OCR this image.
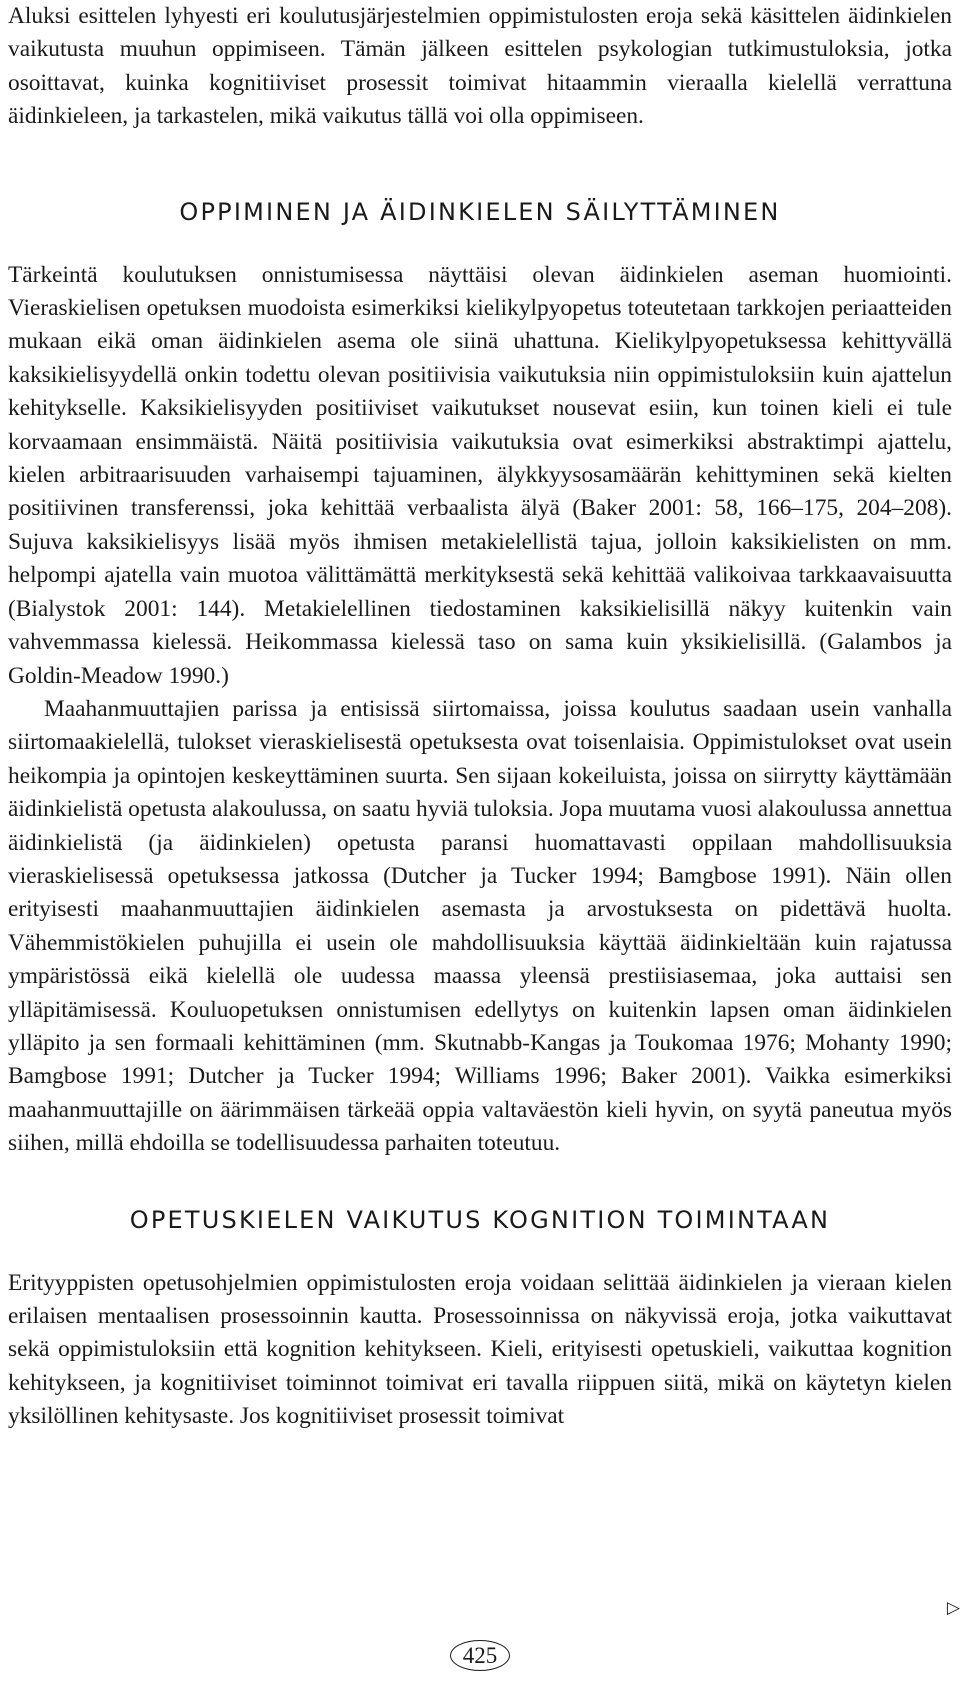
Aluksi esittelen lyhyesti eri koulutusjärjestelmien oppimistulosten eroja sekä käsittelen äidinkielen vaikutusta muuhun oppimiseen. Tämän jälkeen esittelen psykologian tutkimustuloksia, jotka osoittavat, kuinka kognitiiviset prosessit toimivat hitaammin vieraalla kielellä verrattuna äidinkieleen, ja tarkastelen, mikä vaikutus tällä voi olla oppimiseen.

OPPIMINEN JA ÄIDINKIELEN SÄILYTTÄMINEN

Tärkeintä koulutuksen onnistumisessa näyttäisi olevan äidinkielen aseman huomiointi. Vieraskielisen opetuksen muodoista esimerkiksi kielikylpyopetus toteutetaan tarkkojen periaatteiden mukaan eikä oman äidinkielen asema ole siinä uhattuna. Kielikylpyopetuksessa kehittyvällä kaksikielisyydellä onkin todettu olevan positiivisia vaikutuksia niin oppimistuloksiin kuin ajattelun kehitykselle. Kaksikielisyyden positiiviset vaikutukset nousevat esiin, kun toinen kieli ei tule korvaamaan ensimmäistä. Näitä positiivisia vaikutuksia ovat esimerkiksi abstraktimpi ajattelu, kielen arbitraarisuuden varhaisempi tajuaminen, älykkyysosamäärän kehittyminen sekä kielten positiivinen transferenssi, joka kehittää verbaalista älyä (Baker 2001: 58, 166–175, 204–208). Sujuva kaksikielisyys lisää myös ihmisen metakielellistä tajua, jolloin kaksikielisten on mm. helpompi ajatella vain muotoa välittämättä merkityksestä sekä kehittää valikoivaa tarkkaavaisuutta (Bialystok 2001: 144). Metakielellinen tiedostaminen kaksikielisillä näkyy kuitenkin vain vahvemmassa kielessä. Heikommassa kielessä taso on sama kuin yksikielisillä. (Galambos ja Goldin-Meadow 1990.)

Maahanmuuttajien parissa ja entisissä siirtomaissa, joissa koulutus saadaan usein vanhalla siirtomaakielellä, tulokset vieraskielisestä opetuksesta ovat toisenlaisia. Oppimistulokset ovat usein heikompia ja opintojen keskeyttäminen suurta. Sen sijaan kokeiluista, joissa on siirrytty käyttämään äidinkielistä opetusta alakoulussa, on saatu hyviä tuloksia. Jopa muutama vuosi alakoulussa annettua äidinkielistä (ja äidinkielen) opetusta paransi huomattavasti oppilaan mahdollisuuksia vieraskielisessä opetuksessa jatkossa (Dutcher ja Tucker 1994; Bamgbose 1991). Näin ollen erityisesti maahanmuuttajien äidinkielen asemasta ja arvostuksesta on pidettävä huolta. Vähemmistökielen puhujilla ei usein ole mahdollisuuksia käyttää äidinkieltään kuin rajatussa ympäristössä eikä kielellä ole uudessa maassa yleensä prestiisiasemaa, joka auttaisi sen ylläpitämisessä. Kouluopetuksen onnistumisen edellytys on kuitenkin lapsen oman äidinkielen ylläpito ja sen formaali kehittäminen (mm. Skutnabb-Kangas ja Toukomaa 1976; Mohanty 1990; Bamgbose 1991; Dutcher ja Tucker 1994; Williams 1996; Baker 2001). Vaikka esimerkiksi maahanmuuttajille on äärimmäisen tärkeää oppia valtaväestön kieli hyvin, on syytä paneutua myös siihen, millä ehdoilla se todellisuudessa parhaiten toteutuu.

OPETUSKIELEN VAIKUTUS KOGNITION TOIMINTAAN

Erityyppisten opetusohjelmien oppimistulosten eroja voidaan selittää äidinkielen ja vieraan kielen erilaisen mentaalisen prosessoinnin kautta. Prosessoinnissa on näkyvissä eroja, jotka vaikuttavat sekä oppimistuloksiin että kognition kehitykseen. Kieli, erityisesti opetuskieli, vaikuttaa kognition kehitykseen, ja kognitiiviset toiminnot toimivat eri tavalla riippuen siitä, mikä on käytetyn kielen yksilöllinen kehitysaste. Jos kognitiiviset prosessit toimivat

▷
425
